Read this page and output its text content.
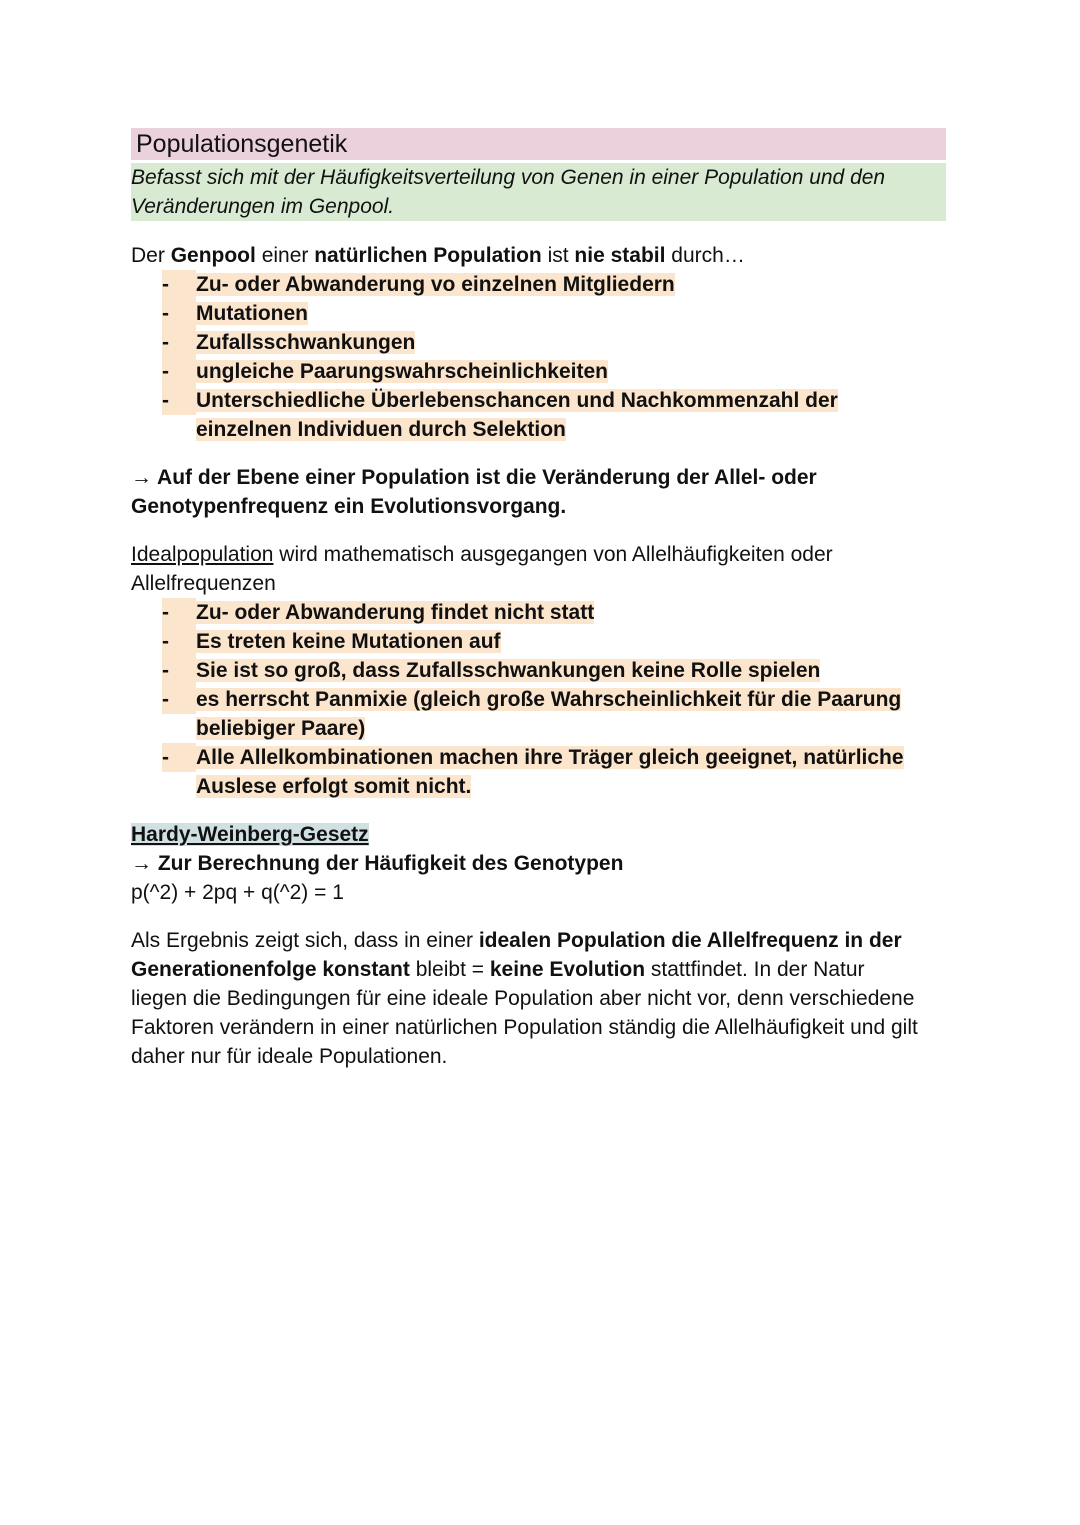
Populationsgenetik
Befasst sich mit der Häufigkeitsverteilung von Genen in einer Population und den
Veränderungen im Genpool.
Der Genpool einer natürlichen Population ist nie stabil durch…
-	Zu- oder Abwanderung vo einzelnen Mitgliedern
-	Mutationen
-	Zufallsschwankungen
-	ungleiche Paarungswahrscheinlichkeiten
-	Unterschiedliche Überlebenschancen und Nachkommenzahl der
einzelnen Individuen durch Selektion
→ Auf der Ebene einer Population ist die Veränderung der Allel- oder
Genotypenfrequenz ein Evolutionsvorgang.
Idealpopulation wird mathematisch ausgegangen von Allelhäufigkeiten oder
Allelfrequenzen
-	Zu- oder Abwanderung findet nicht statt
-	Es treten keine Mutationen auf
-	Sie ist so groß, dass Zufallsschwankungen keine Rolle spielen
-	es herrscht Panmixie (gleich große Wahrscheinlichkeit für die Paarung
beliebiger Paare)
-	Alle Allelkombinationen machen ihre Träger gleich geeignet, natürliche
Auslese erfolgt somit nicht.
Hardy-Weinberg-Gesetz
→ Zur Berechnung der Häufigkeit des Genotypen
p(^2) + 2pq + q(^2) = 1
Als Ergebnis zeigt sich, dass in einer idealen Population die Allelfrequenz in der
Generationenfolge konstant bleibt = keine Evolution stattfindet. In der Natur
liegen die Bedingungen für eine ideale Population aber nicht vor, denn verschiedene
Faktoren verändern in einer natürlichen Population ständig die Allelhäufigkeit und gilt
daher nur für ideale Populationen.
